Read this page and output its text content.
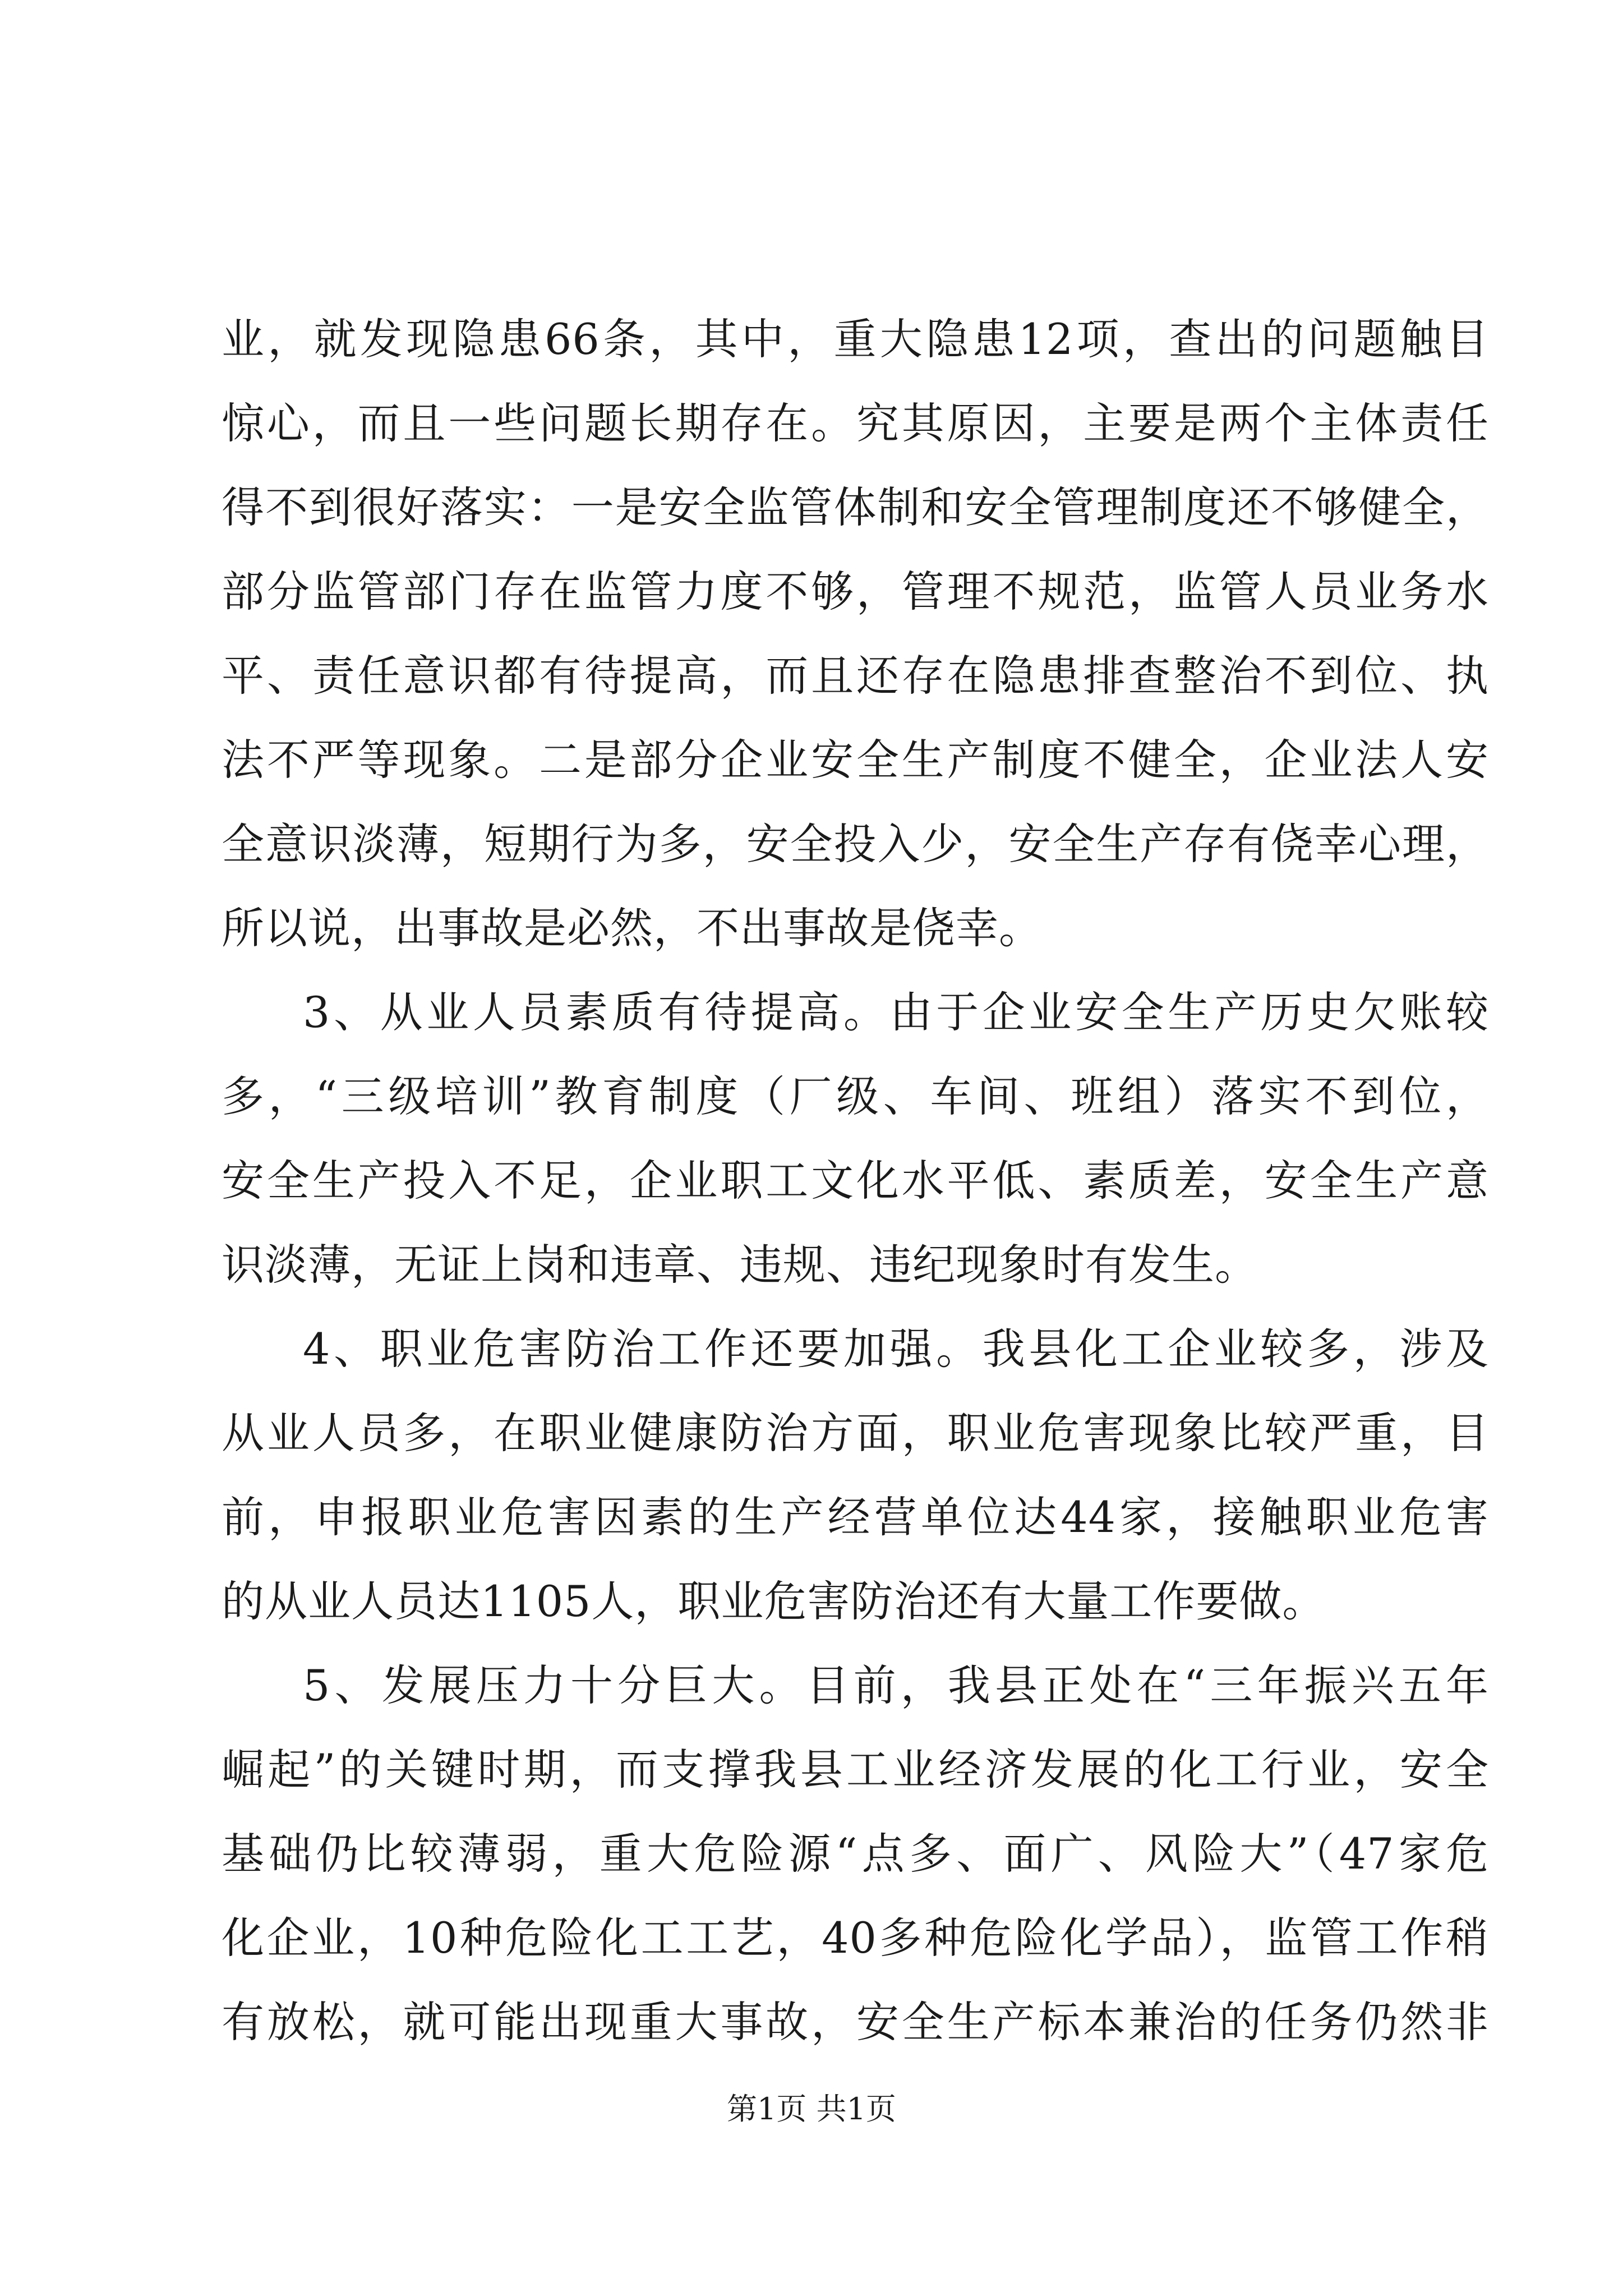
业，就发现隐患66条，其中，重大隐患12项，查出的问题触目
惊心，而且一些问题长期存在。究其原因，主要是两个主体责任
得不到很好落实：一是安全监管体制和安全管理制度还不够健全，
部分监管部门存在监管力度不够，管理不规范，监管人员业务水
平、责任意识都有待提高，而且还存在隐患排查整治不到位、执
法不严等现象。二是部分企业安全生产制度不健全，企业法人安
全意识淡薄，短期行为多，安全投入少，安全生产存有侥幸心理，
所以说，出事故是必然，不出事故是侥幸。
3、从业人员素质有待提高。由于企业安全生产历史欠账较
多，“三级培训”教育制度（厂级、车间、班组）落实不到位，
安全生产投入不足，企业职工文化水平低、素质差，安全生产意
识淡薄，无证上岗和违章、违规、违纪现象时有发生。
4、职业危害防治工作还要加强。我县化工企业较多，涉及
从业人员多，在职业健康防治方面，职业危害现象比较严重，目
前，申报职业危害因素的生产经营单位达44家，接触职业危害
的从业人员达1105人，职业危害防治还有大量工作要做。
5、发展压力十分巨大。目前，我县正处在“三年振兴五年
崛起”的关键时期，而支撑我县工业经济发展的化工行业，安全
基础仍比较薄弱，重大危险源“点多、面广、风险大”（47家危
化企业，10种危险化工工艺，40多种危险化学品），监管工作稍
有放松，就可能出现重大事故，安全生产标本兼治的任务仍然非
第1页 共1页
